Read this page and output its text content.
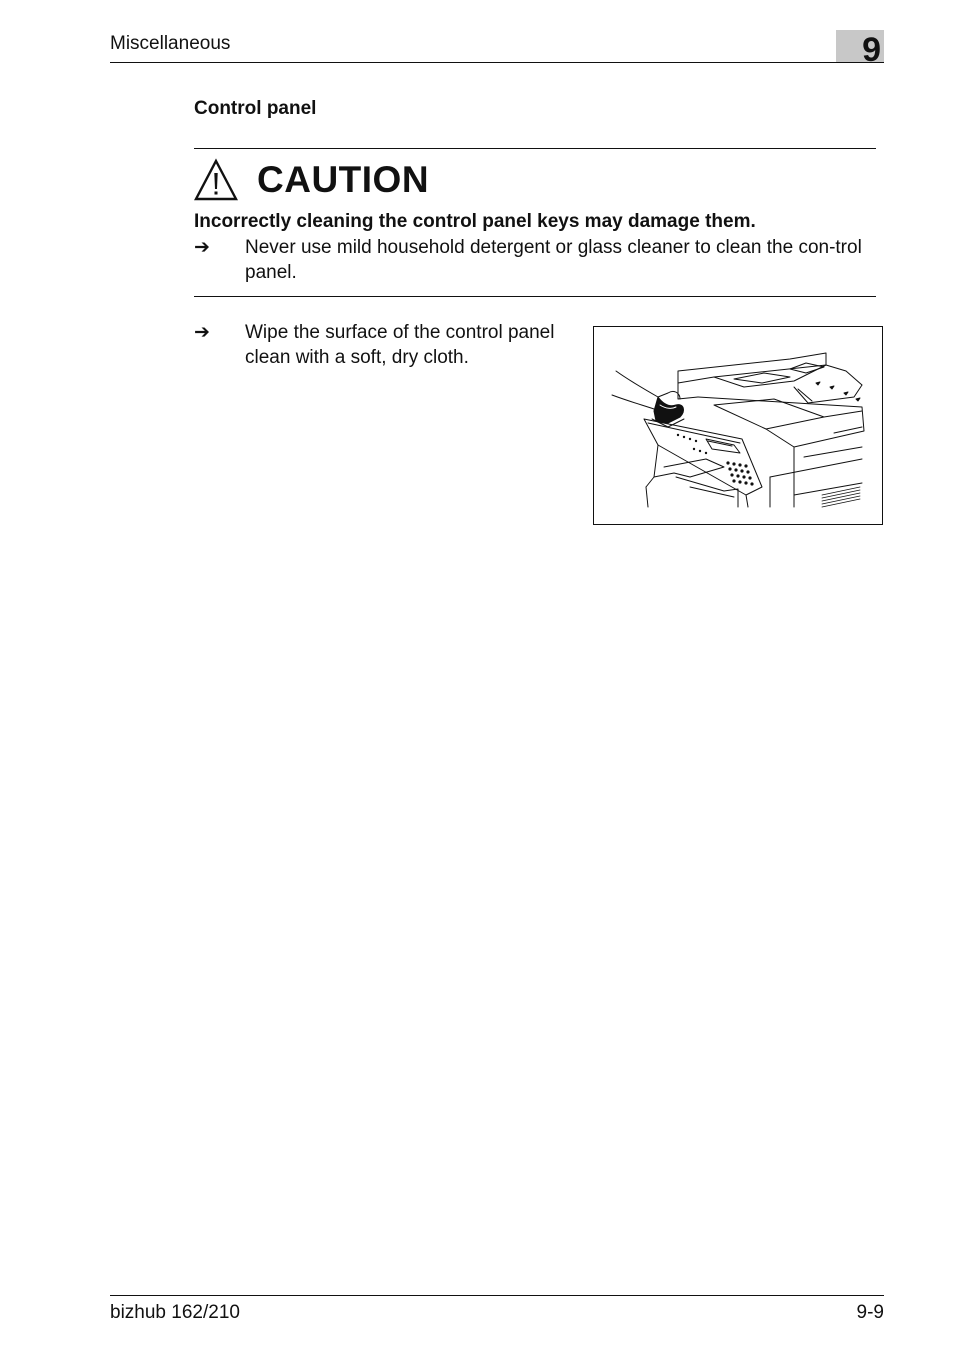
Miscellaneous	9
Control panel
CAUTION
Incorrectly cleaning the control panel keys may damage them.
➔	Never use mild household detergent or glass cleaner to clean the con-trol panel.
➔	Wipe the surface of the control panel clean with a soft, dry cloth.
bizhub 162/210	9-9
